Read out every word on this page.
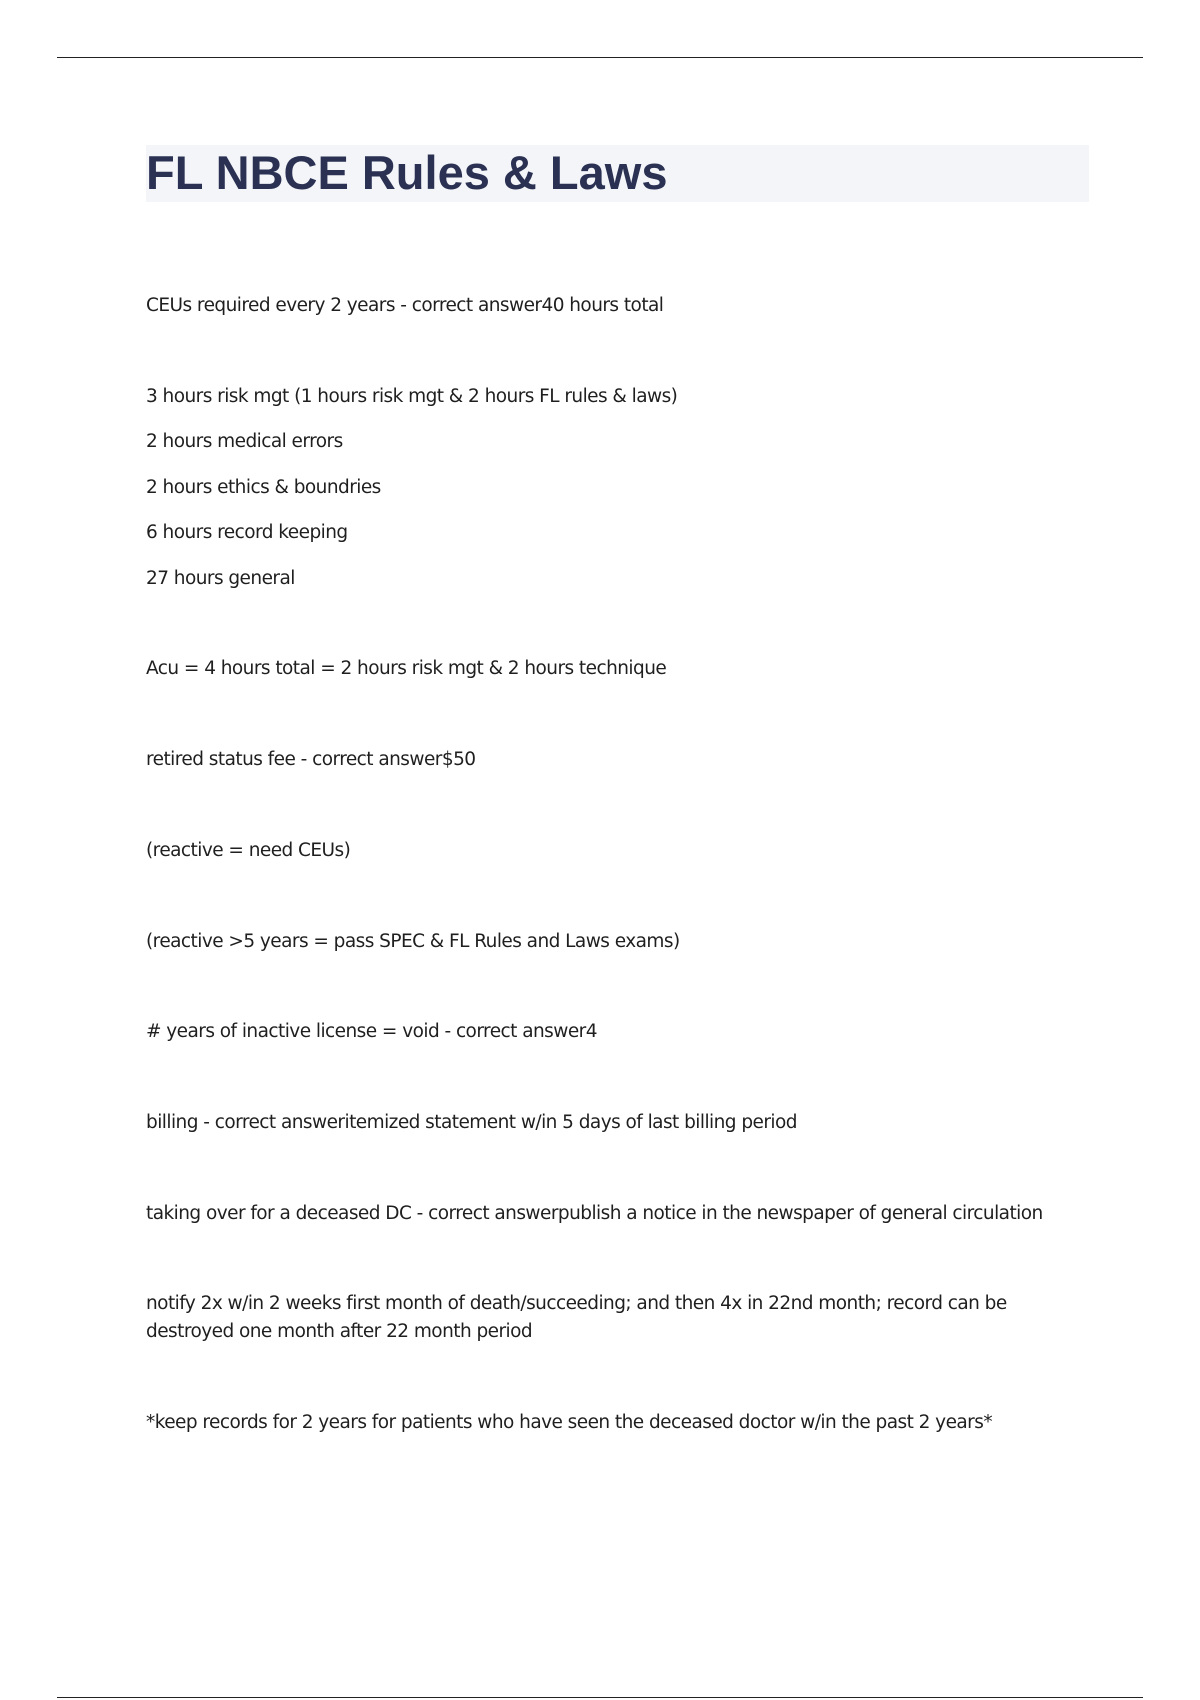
FL NBCE Rules & Laws

CEUs required every 2 years - correct answer40 hours total

3 hours risk mgt (1 hours risk mgt & 2 hours FL rules & laws)

2 hours medical errors

2 hours ethics & boundries

6 hours record keeping

27 hours general

Acu = 4 hours total = 2 hours risk mgt & 2 hours technique

retired status fee - correct answer$50

(reactive = need CEUs)

(reactive >5 years = pass SPEC & FL Rules and Laws exams)

# years of inactive license = void - correct answer4

billing - correct answeritemized statement w/in 5 days of last billing period

taking over for a deceased DC - correct answerpublish a notice in the newspaper of general circulation

notify 2x w/in 2 weeks first month of death/succeeding; and then 4x in 22nd month; record can be destroyed one month after 22 month period

*keep records for 2 years for patients who have seen the deceased doctor w/in the past 2 years*
